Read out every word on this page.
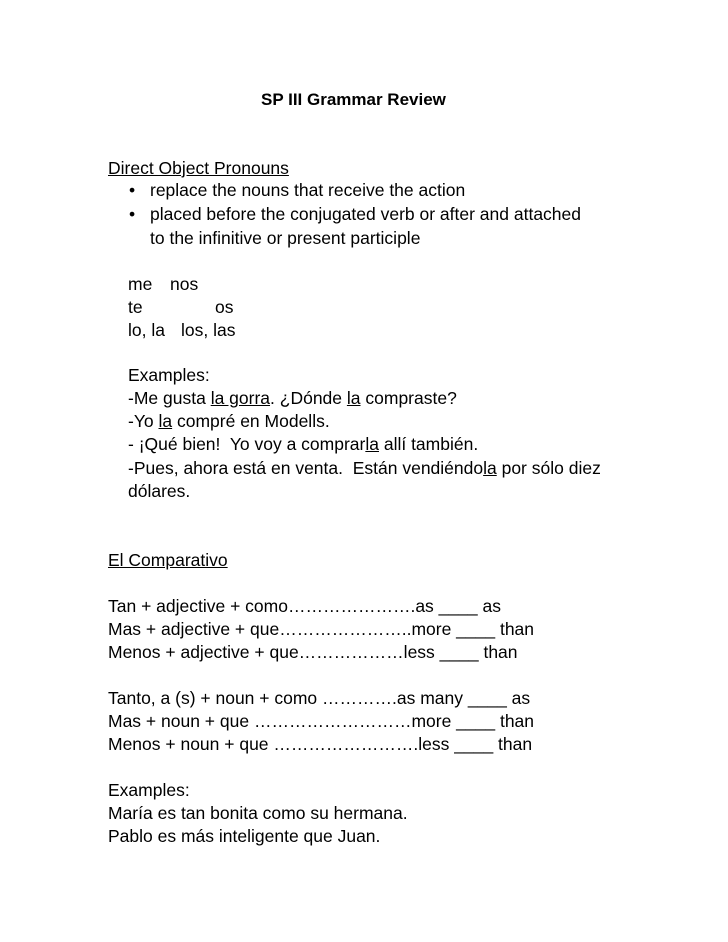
SP III Grammar Review
Direct Object Pronouns
• replace the nouns that receive the action
• placed before the conjugated verb or after and attached
to the infinitive or present participle
me nos
te	os
lo, la los, las
Examples:
-Me gusta la gorra. ¿Dónde la compraste?
-Yo la compré en Modells.
- ¡Qué bien!  Yo voy a comprarla allí también.
-Pues, ahora está en venta.  Están vendiéndola por sólo diez
dólares.
El Comparativo
Tan + adjective + como………………….as ____ as
Mas + adjective + que…………………..more ____ than
Menos + adjective + que………………less ____ than
Tanto, a (s) + noun + como ………….as many ____ as
Mas + noun + que ………………………more ____ than
Menos + noun + que …………………….less ____ than
Examples:
María es tan bonita como su hermana.
Pablo es más inteligente que Juan.
